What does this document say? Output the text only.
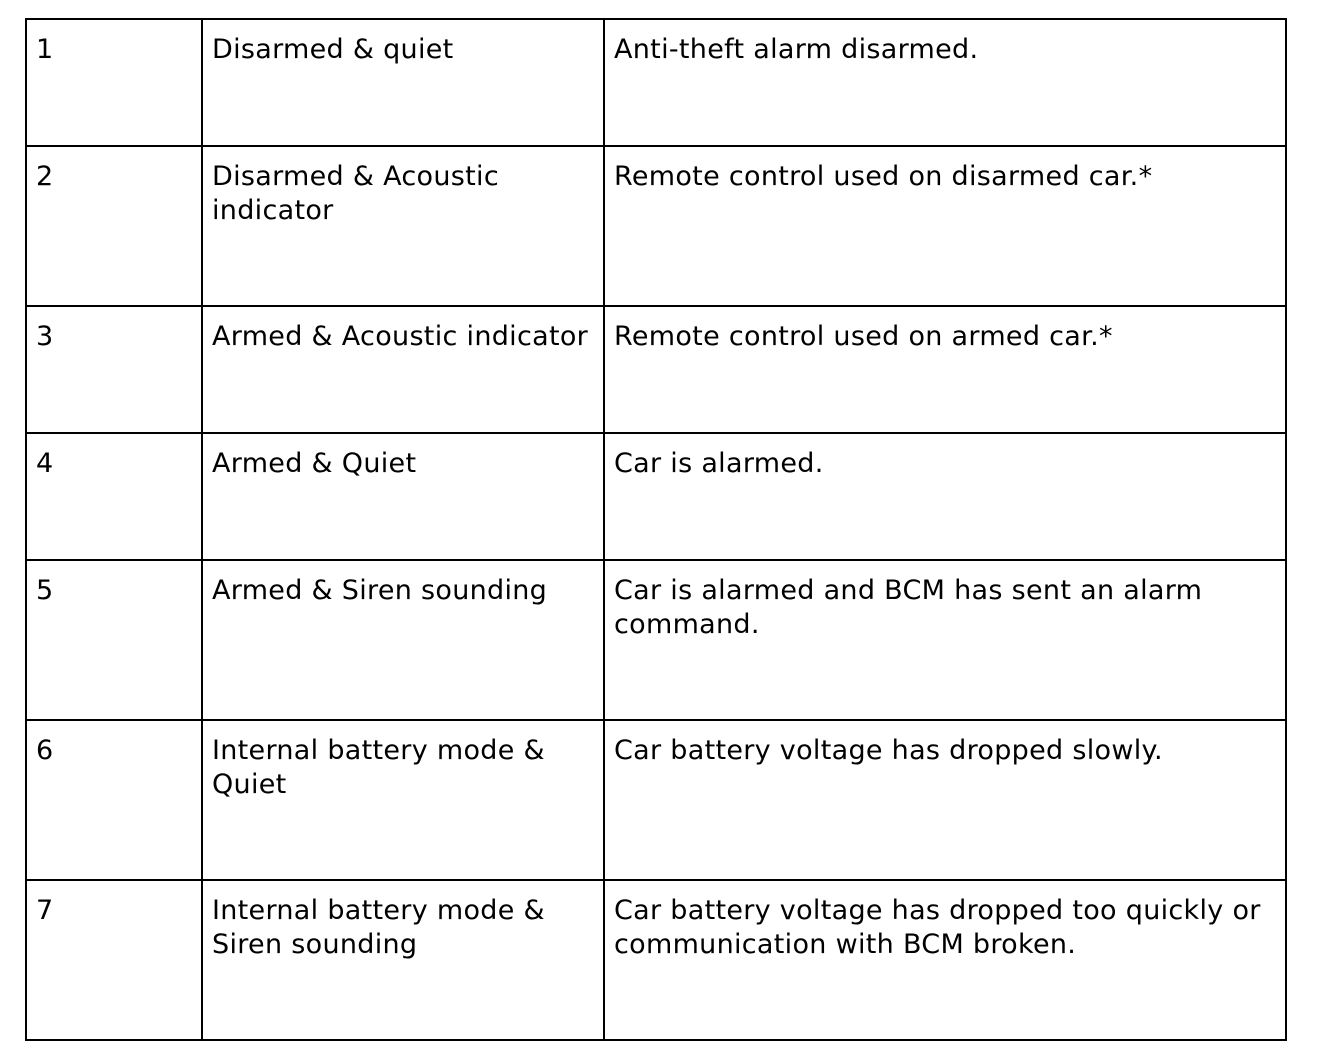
1	Disarmed & quiet	Anti-theft alarm disarmed.
2	Disarmed & Acoustic indicator	Remote control used on disarmed car.*
3	Armed & Acoustic indicator	Remote control used on armed car.*
4	Armed & Quiet	Car is alarmed.
5	Armed & Siren sounding	Car is alarmed and BCM has sent an alarm command.
6	Internal battery mode & Quiet	Car battery voltage has dropped slowly.
7	Internal battery mode & Siren sounding	Car battery voltage has dropped too quickly or communication with BCM broken.
